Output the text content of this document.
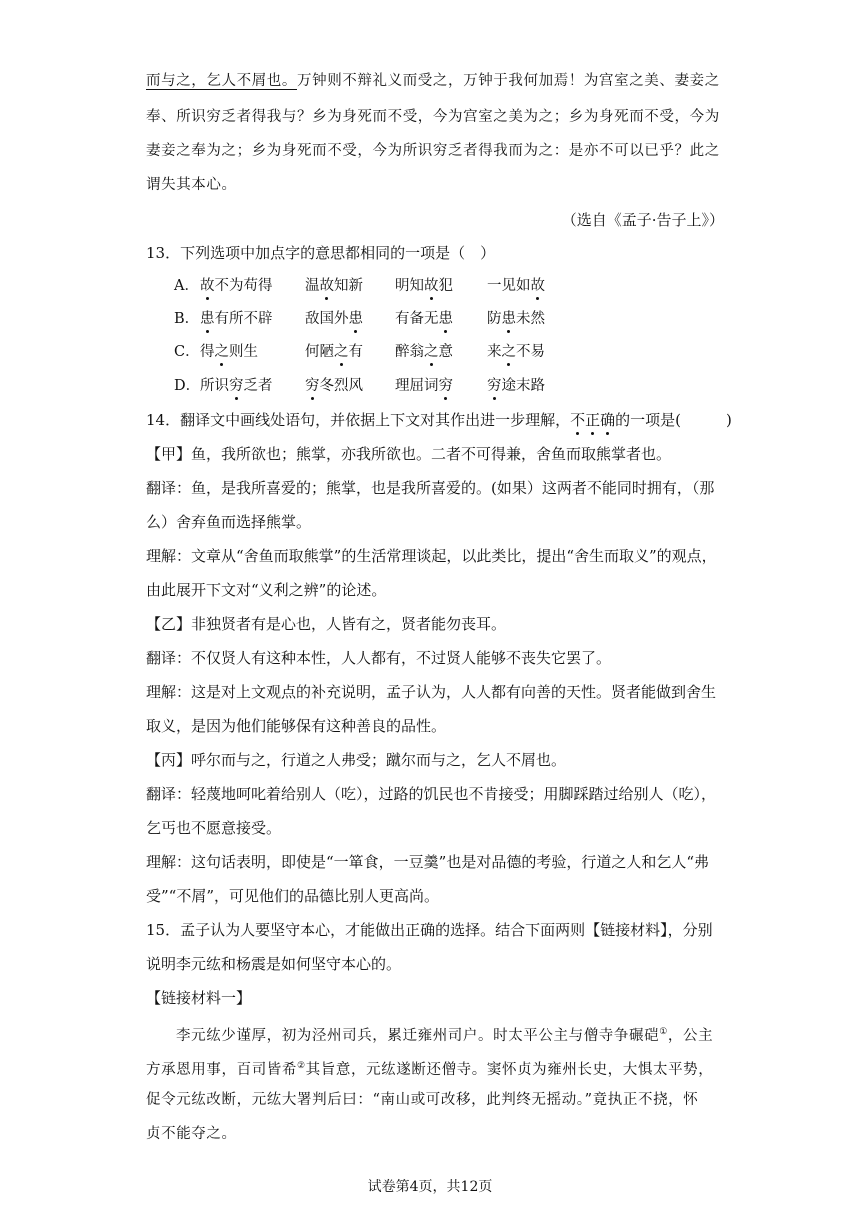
而与之，乞人不屑也。万钟则不辩礼义而受之，万钟于我何加焉！为宫室之美、妻妾之
奉、所识穷乏者得我与？乡为身死而不受，今为宫室之美为之；乡为身死而不受，今为
妻妾之奉为之；乡为身死而不受，今为所识穷乏者得我而为之：是亦不可以已乎？此之
谓失其本心。
（选自《孟子·告子上》）
13．下列选项中加点字的意思都相同的一项是（　）
A． 故不为苟得 温故知新 明知故犯 一见如故
B． 患有所不辟 敌国外患 有备无患 防患未然
C． 得之则生	何陋之有 醉翁之意 来之不易
D． 所识穷乏者 穷冬烈风 理屈词穷 穷途末路
14．翻译文中画线处语句，并依据上下文对其作出进一步理解，不正确的一项是(　　　)
【甲】鱼，我所欲也；熊掌，亦我所欲也。二者不可得兼，舍鱼而取熊掌者也。
翻译：鱼，是我所喜爱的；熊掌，也是我所喜爱的。(如果）这两者不能同时拥有，（那
么）舍弃鱼而选择熊掌。
理解：文章从“舍鱼而取熊掌”的生活常理谈起，以此类比，提出“舍生而取义”的观点，
由此展开下文对“义利之辨”的论述。
【乙】非独贤者有是心也，人皆有之，贤者能勿丧耳。
翻译：不仅贤人有这种本性，人人都有，不过贤人能够不丧失它罢了。
理解：这是对上文观点的补充说明，孟子认为，人人都有向善的天性。贤者能做到舍生
取义，是因为他们能够保有这种善良的品性。
【丙】呼尔而与之，行道之人弗受；蹴尔而与之，乞人不屑也。
翻译：轻蔑地呵叱着给别人（吃），过路的饥民也不肯接受；用脚踩踏过给别人（吃），
乞丐也不愿意接受。
理解：这句话表明，即使是“一箪食，一豆羹”也是对品德的考验，行道之人和乞人“弗
受”“不屑”，可见他们的品德比别人更高尚。
15．孟子认为人要坚守本心，才能做出正确的选择。结合下面两则【链接材料】，分别
说明李元纮和杨震是如何坚守本心的。
【链接材料一】
李元纮少谨厚，初为泾州司兵，累迁雍州司户。时太平公主与僧寺争碾硙①，公主
方承恩用事，百司皆希②其旨意，元纮遂断还僧寺。窦怀贞为雍州长史，大惧太平势，
促令元纮改断，元纮大署判后曰：“南山或可改移，此判终无摇动。”竟执正不挠，怀
贞不能夺之。
试卷第4页，共12页
